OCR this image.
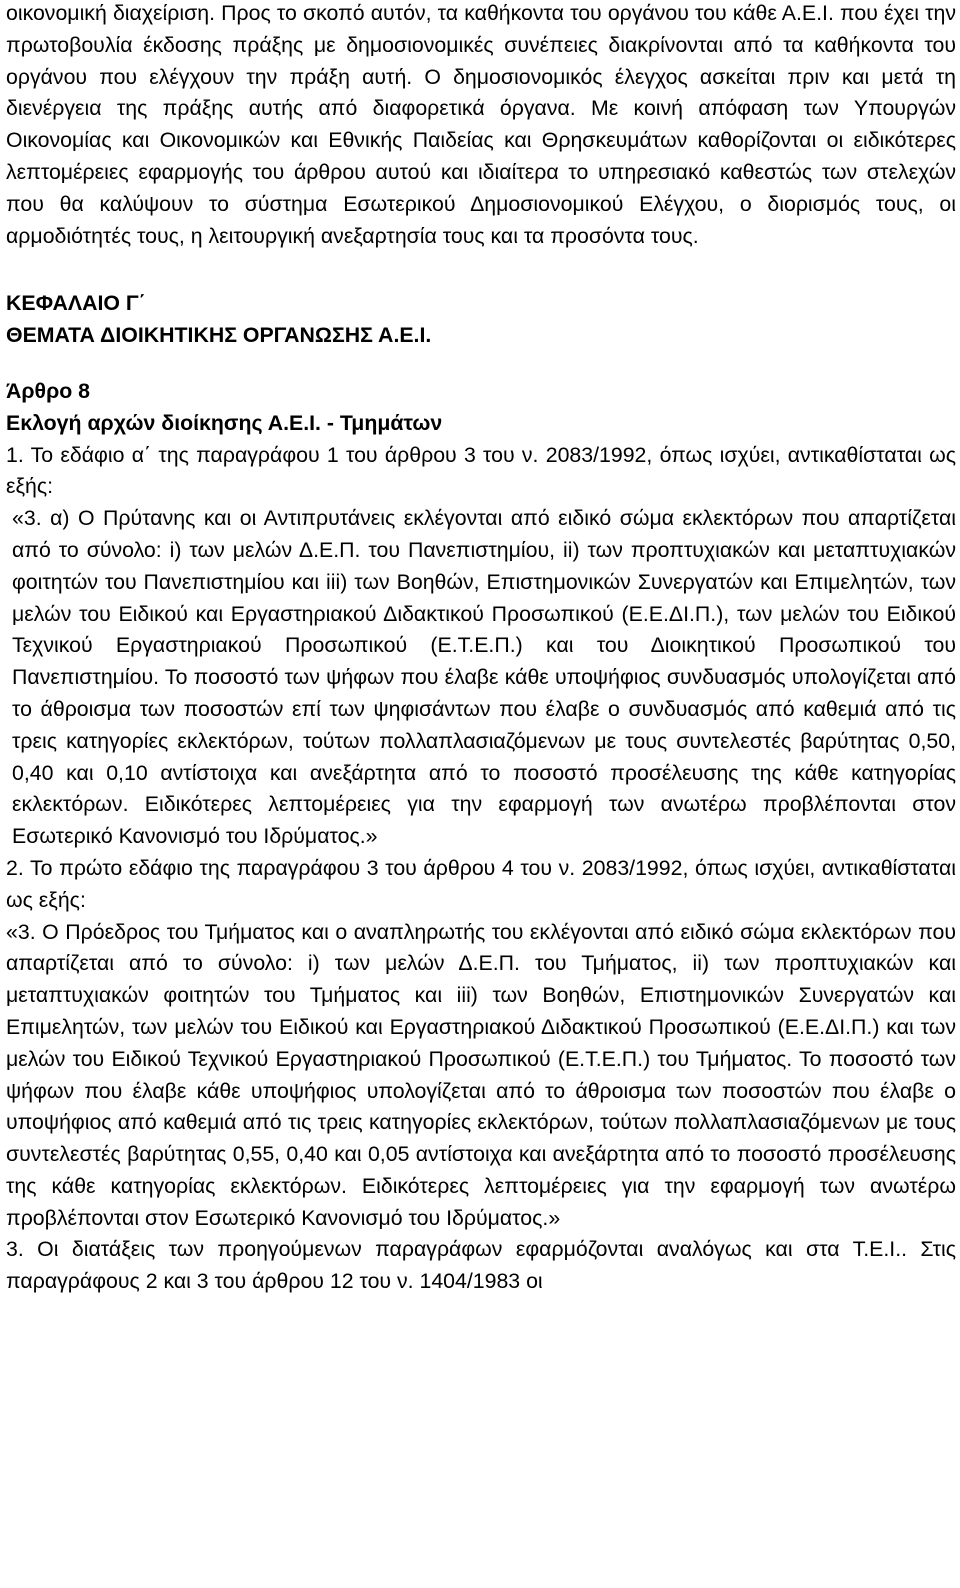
οικονομική διαχείριση. Προς το σκοπό αυτόν, τα καθήκοντα του οργάνου του κάθε Α.Ε.Ι. που έχει την πρωτοβουλία έκδοσης πράξης με δημοσιονομικές συνέπειες διακρίνονται από τα καθήκοντα του οργάνου που ελέγχουν την πράξη αυτή. Ο δημοσιονομικός έλεγχος ασκείται πριν και μετά τη διενέργεια της πράξης αυτής από διαφορετικά όργανα. Με κοινή απόφαση των Υπουργών Οικονομίας και Οικονομικών και Εθνικής Παιδείας και Θρησκευμάτων καθορίζονται οι ειδικότερες λεπτομέρειες εφαρμογής του άρθρου αυτού και ιδιαίτερα το υπηρεσιακό καθεστώς των στελεχών που θα καλύψουν το σύστημα Εσωτερικού Δημοσιονομικού Ελέγχου, ο διορισμός τους, οι αρμοδιότητές τους, η λειτουργική ανεξαρτησία τους και τα προσόντα τους.

ΚΕΦΑΛΑΙΟ Γ΄

ΘΕΜΑΤΑ ΔΙΟΙΚΗΤΙΚΗΣ ΟΡΓΑΝΩΣΗΣ Α.Ε.Ι.

Άρθρο 8

Εκλογή αρχών διοίκησης Α.Ε.Ι. - Τμημάτων

1. Το εδάφιο α΄ της παραγράφου 1 του άρθρου 3 του ν. 2083/1992, όπως ισχύει, αντικαθίσταται ως εξής:

«3. α) Ο Πρύτανης και οι Αντιπρυτάνεις εκλέγονται από ειδικό σώμα εκλεκτόρων που απαρτίζεται από το σύνολο: i) των μελών Δ.Ε.Π. του Πανεπιστημίου, ii) των προπτυχιακών και μεταπτυχιακών φοιτητών του Πανεπιστημίου και iii) των Βοηθών, Επιστημονικών Συνεργατών και Επιμελητών, των μελών του Ειδικού και Εργαστηριακού Διδακτικού Προσωπικού (Ε.Ε.ΔΙ.Π.), των μελών του Ειδικού Τεχνικού Εργαστηριακού Προσωπικού (Ε.Τ.Ε.Π.) και του Διοικητικού Προσωπικού του Πανεπιστημίου. Το ποσοστό των ψήφων που έλαβε κάθε υποψήφιος συνδυασμός υπολογίζεται από το άθροισμα των ποσοστών επί των ψηφισάντων που έλαβε ο συνδυασμός από καθεμιά από τις τρεις κατηγορίες εκλεκτόρων, τούτων πολλαπλασιαζόμενων με τους συντελεστές βαρύτητας 0,50, 0,40 και 0,10 αντίστοιχα και ανεξάρτητα από το ποσοστό προσέλευσης της κάθε κατηγορίας εκλεκτόρων. Ειδικότερες λεπτομέρειες για την εφαρμογή των ανωτέρω προβλέπονται στον Εσωτερικό Κανονισμό του Ιδρύματος.»

2. Το πρώτο εδάφιο της παραγράφου 3 του άρθρου 4 του ν. 2083/1992, όπως ισχύει, αντικαθίσταται ως εξής:

«3. Ο Πρόεδρος του Τμήματος και ο αναπληρωτής του εκλέγονται από ειδικό σώμα εκλεκτόρων που απαρτίζεται από το σύνολο: i) των μελών Δ.Ε.Π. του Τμήματος, ii) των προπτυχιακών και μεταπτυχιακών φοιτητών του Τμήματος και iii) των Βοηθών, Επιστημονικών Συνεργατών και Επιμελητών, των μελών του Ειδικού και Εργαστηριακού Διδακτικού Προσωπικού (Ε.Ε.ΔΙ.Π.) και των μελών του Ειδικού Τεχνικού Εργαστηριακού Προσωπικού (Ε.Τ.Ε.Π.) του Τμήματος. Το ποσοστό των ψήφων που έλαβε κάθε υποψήφιος υπολογίζεται από το άθροισμα των ποσοστών που έλαβε ο υποψήφιος από καθεμιά από τις τρεις κατηγορίες εκλεκτόρων, τούτων πολλαπλασιαζόμενων με τους συντελεστές βαρύτητας 0,55, 0,40 και 0,05 αντίστοιχα και ανεξάρτητα από το ποσοστό προσέλευσης της κάθε κατηγορίας εκλεκτόρων. Ειδικότερες λεπτομέρειες για την εφαρμογή των ανωτέρω προβλέπονται στον Εσωτερικό Κανονισμό του Ιδρύματος.»

3. Οι διατάξεις των προηγούμενων παραγράφων εφαρμόζονται αναλόγως και στα Τ.Ε.Ι.. Στις παραγράφους 2 και 3 του άρθρου 12 του ν. 1404/1983 οι
